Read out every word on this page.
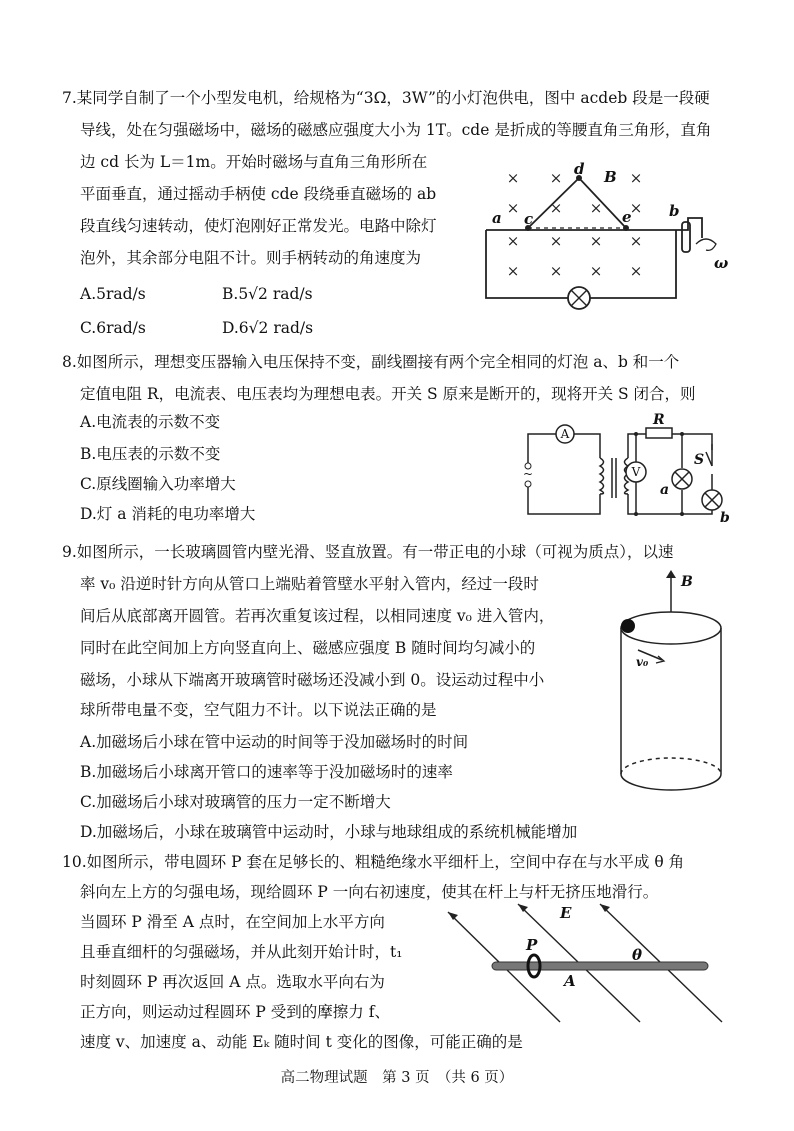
7.某同学自制了一个小型发电机，给规格为“3Ω，3W”的小灯泡供电，图中 acdeb 段是一段硬
导线，处在匀强磁场中，磁场的磁感应强度大小为 1T。cde 是折成的等腰直角三角形，直角
边 cd 长为 L＝1m。开始时磁场与直角三角形所在
平面垂直，通过摇动手柄使 cde 段绕垂直磁场的 ab
段直线匀速转动，使灯泡刚好正常发光。电路中除灯
泡外，其余部分电阻不计。则手柄转动的角速度为
A.5rad/s	B.5√2 rad/s
C.6rad/s	D.6√2 rad/s
× ×	×
× × × ×
× × × ×
× × × ×
a c
d B
e b
ω
8.如图所示，理想变压器输入电压保持不变，副线圈接有两个完全相同的灯泡 a、b 和一个
定值电阻 R，电流表、电压表均为理想电表。开关 S 原来是断开的，现将开关 S 闭合，则
A.电流表的示数不变
B.电压表的示数不变
C.原线圈输入功率增大
D.灯 a 消耗的电功率增大
A
V
~
R
S
a
b
9.如图所示，一长玻璃圆管内壁光滑、竖直放置。有一带正电的小球（可视为质点），以速
率 v₀ 沿逆时针方向从管口上端贴着管壁水平射入管内，经过一段时
间后从底部离开圆管。若再次重复该过程，以相同速度 v₀ 进入管内，
同时在此空间加上方向竖直向上、磁感应强度 B 随时间均匀减小的
磁场，小球从下端离开玻璃管时磁场还没减小到 0。设运动过程中小
球所带电量不变，空气阻力不计。以下说法正确的是
A.加磁场后小球在管中运动的时间等于没加磁场时的时间
B.加磁场后小球离开管口的速率等于没加磁场时的速率
C.加磁场后小球对玻璃管的压力一定不断增大
D.加磁场后，小球在玻璃管中运动时，小球与地球组成的系统机械能增加
B
v₀
10.如图所示，带电圆环 P 套在足够长的、粗糙绝缘水平细杆上，空间中存在与水平成 θ 角
斜向左上方的匀强电场，现给圆环 P 一向右初速度，使其在杆上与杆无挤压地滑行。
当圆环 P 滑至 A 点时，在空间加上水平方向
且垂直细杆的匀强磁场，并从此刻开始计时，t₁
时刻圆环 P 再次返回 A 点。选取水平向右为
正方向，则运动过程圆环 P 受到的摩擦力 f、
速度 v、加速度 a、动能 Eₖ 随时间 t 变化的图像，可能正确的是
P
E
A
θ
高二物理试题　第 3 页　（共 6 页）
